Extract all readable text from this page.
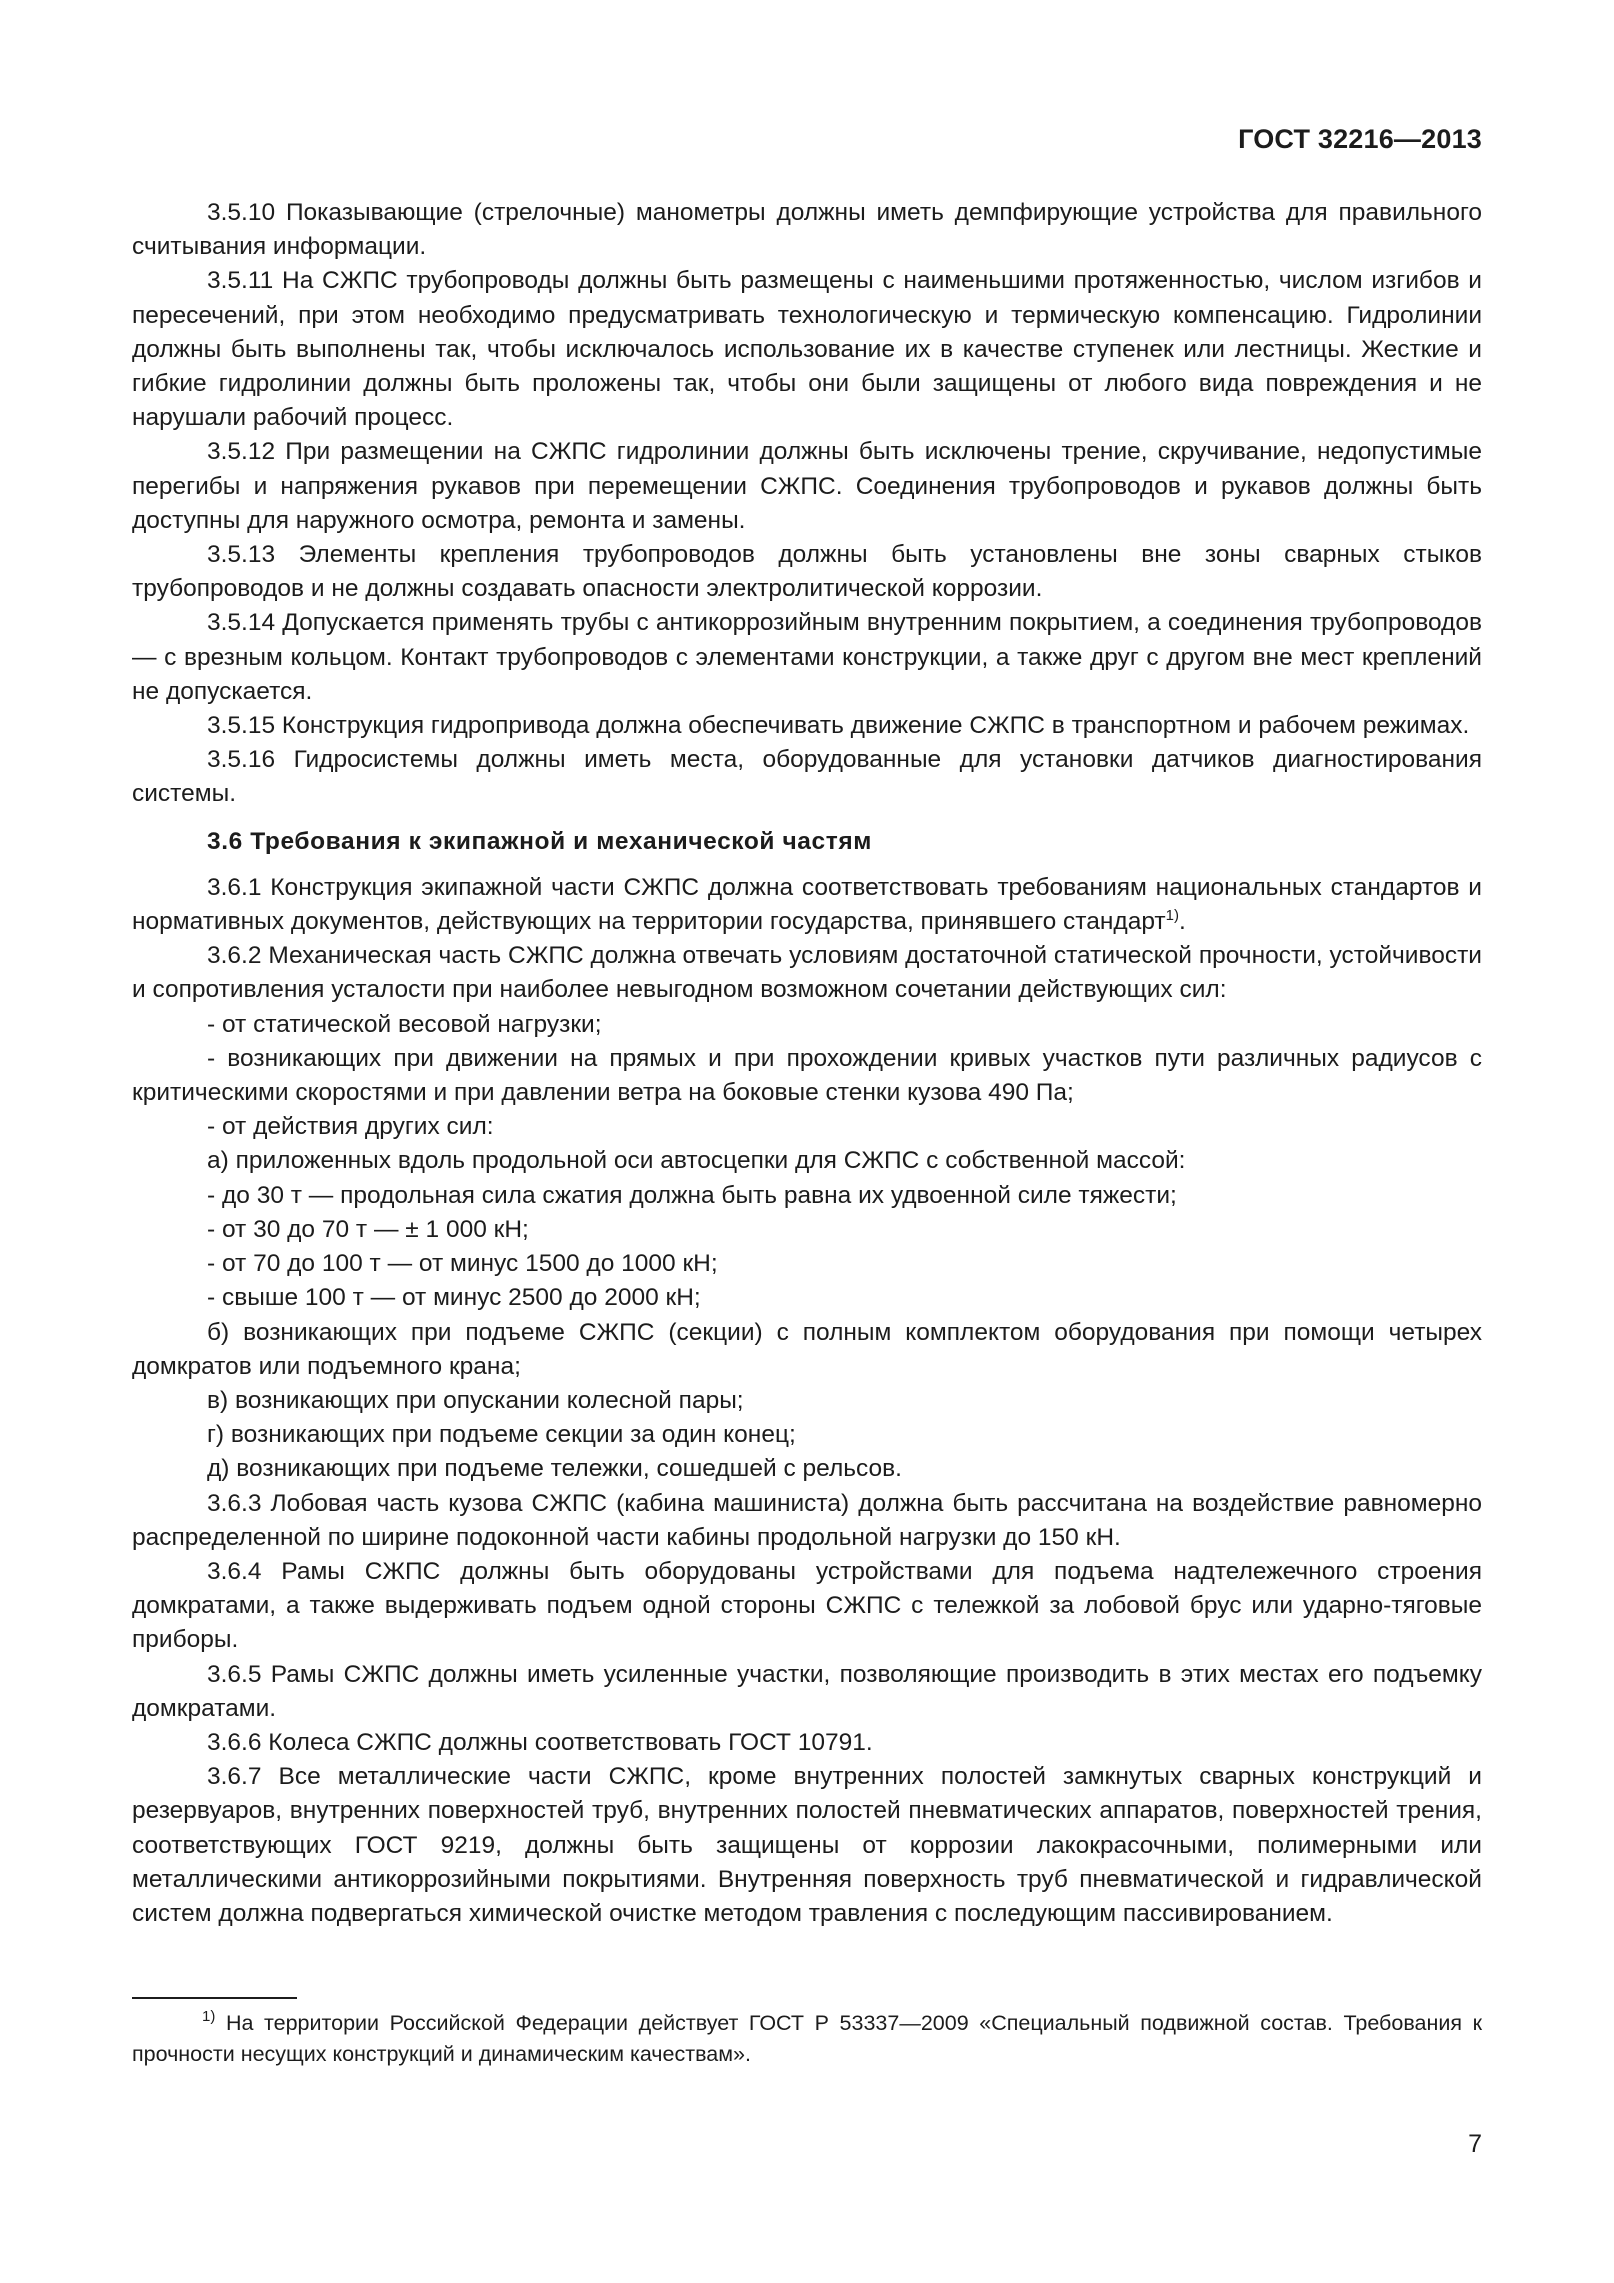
ГОСТ 32216—2013

3.5.10 Показывающие (стрелочные) манометры должны иметь демпфирующие устройства для правильного считывания информации.

3.5.11 На СЖПС трубопроводы должны быть размещены с наименьшими протяженностью, числом изгибов и пересечений, при этом необходимо предусматривать технологическую и термическую компенсацию. Гидролинии должны быть выполнены так, чтобы исключалось использование их в качестве ступенек или лестницы. Жесткие и гибкие гидролинии должны быть проложены так, чтобы они были защищены от любого вида повреждения и не нарушали рабочий процесс.

3.5.12 При размещении на СЖПС гидролинии должны быть исключены трение, скручивание, недопустимые перегибы и напряжения рукавов при перемещении СЖПС. Соединения трубопроводов и рукавов должны быть доступны для наружного осмотра, ремонта и замены.

3.5.13 Элементы крепления трубопроводов должны быть установлены вне зоны сварных стыков трубопроводов и не должны создавать опасности электролитической коррозии.

3.5.14 Допускается применять трубы с антикоррозийным внутренним покрытием, а соединения трубопроводов — с врезным кольцом. Контакт трубопроводов с элементами конструкции, а также друг с другом вне мест креплений не допускается.

3.5.15 Конструкция гидропривода должна обеспечивать движение СЖПС в транспортном и рабочем режимах.

3.5.16 Гидросистемы должны иметь места, оборудованные для установки датчиков диагностирования системы.

3.6 Требования к экипажной и механической частям

3.6.1 Конструкция экипажной части СЖПС должна соответствовать требованиям национальных стандартов и нормативных документов, действующих на территории государства, принявшего стандарт$^{1)}$.

3.6.2 Механическая часть СЖПС должна отвечать условиям достаточной статической прочности, устойчивости и сопротивления усталости при наиболее невыгодном возможном сочетании действующих сил:

- от статической весовой нагрузки;

- возникающих при движении на прямых и при прохождении кривых участков пути различных радиусов с критическими скоростями и при давлении ветра на боковые стенки кузова 490 Па;

- от действия других сил:

а) приложенных вдоль продольной оси автосцепки для СЖПС с собственной массой:

- до 30 т — продольная сила сжатия должна быть равна их удвоенной силе тяжести;

- от 30 до 70 т — ± 1 000 кН;

- от 70 до 100 т — от минус 1500 до 1000 кН;

- свыше 100 т — от минус 2500 до 2000 кН;

б) возникающих при подъеме СЖПС (секции) с полным комплектом оборудования при помощи четырех домкратов или подъемного крана;

в) возникающих при опускании колесной пары;

г) возникающих при подъеме секции за один конец;

д) возникающих при подъеме тележки, сошедшей с рельсов.

3.6.3 Лобовая часть кузова СЖПС (кабина машиниста) должна быть рассчитана на воздействие равномерно распределенной по ширине подоконной части кабины продольной нагрузки до 150 кН.

3.6.4 Рамы СЖПС должны быть оборудованы устройствами для подъема надтележечного строения домкратами, а также выдерживать подъем одной стороны СЖПС с тележкой за лобовой брус или ударно-тяговые приборы.

3.6.5 Рамы СЖПС должны иметь усиленные участки, позволяющие производить в этих местах его подъемку домкратами.

3.6.6 Колеса СЖПС должны соответствовать ГОСТ 10791.

3.6.7 Все металлические части СЖПС, кроме внутренних полостей замкнутых сварных конструкций и резервуаров, внутренних поверхностей труб, внутренних полостей пневматических аппаратов, поверхностей трения, соответствующих ГОСТ 9219, должны быть защищены от коррозии лакокрасочными, полимерными или металлическими антикоррозийными покрытиями. Внутренняя поверхность труб пневматической и гидравлической систем должна подвергаться химической очистке методом травления с последующим пассивированием.

$^{1)}$ На территории Российской Федерации действует ГОСТ Р 53337—2009 «Специальный подвижной состав. Требования к прочности несущих конструкций и динамическим качествам».

7
